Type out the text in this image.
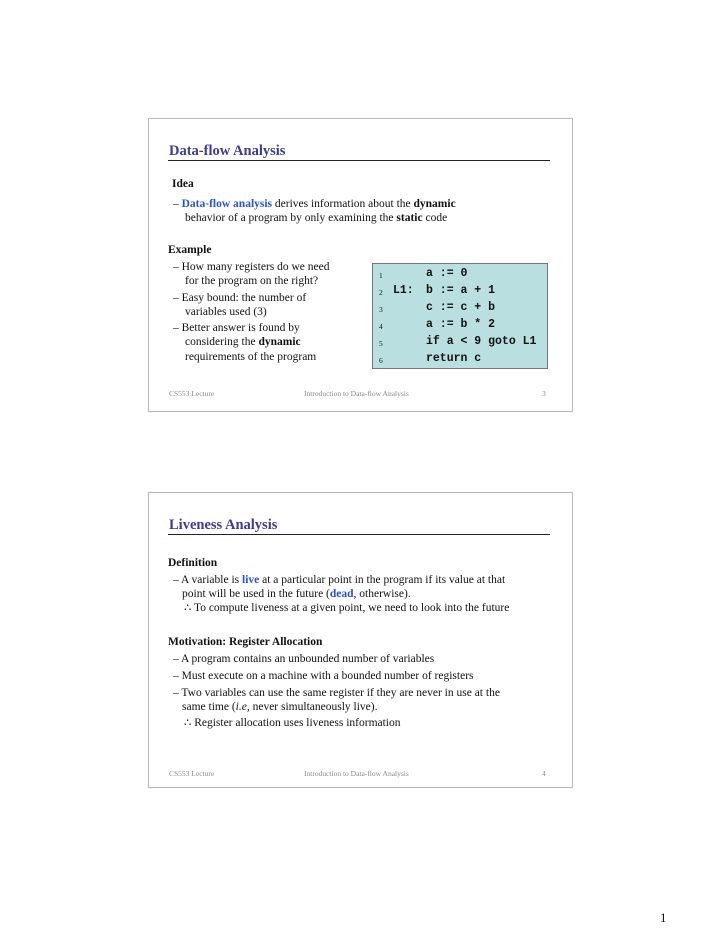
Data-flow Analysis
Idea
– Data-flow analysis derives information about the dynamic
behavior of a program by only examining the static code
Example
– How many registers do we need
for the program on the right?
– Easy bound: the number of
variables used (3)
– Better answer is found by
considering the dynamic
requirements of the program
1	a := 0
2 L1: b := a + 1
3	c := c + b
4	a := b * 2
5	if a < 9 goto L1
6	return c
CS553 Lecture	Introduction to Data-flow Analysis	3
Liveness Analysis
Definition
– A variable is live at a particular point in the program if its value at that
point will be used in the future (dead, otherwise).
∴ To compute liveness at a given point, we need to look into the future
Motivation: Register Allocation
– A program contains an unbounded number of variables
– Must execute on a machine with a bounded number of registers
– Two variables can use the same register if they are never in use at the
same time (i.e, never simultaneously live).
∴ Register allocation uses liveness information
CS553 Lecture	Introduction to Data-flow Analysis	4
1
